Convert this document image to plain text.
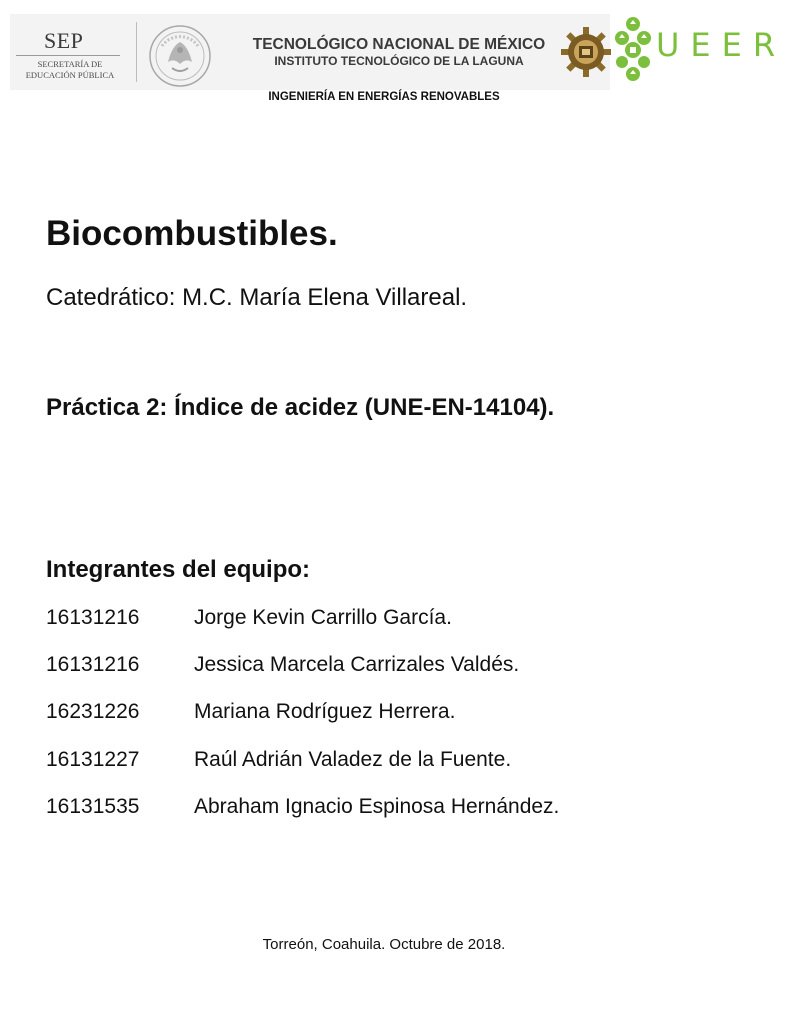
SEP
SECRETARÍA DE
EDUCACIÓN PÚBLICA
TECNOLÓGICO NACIONAL DE MÉXICO
INSTITUTO TECNOLÓGICO DE LA LAGUNA	UEER
INGENIERÍA EN ENERGÍAS RENOVABLES
Biocombustibles.
Catedrático: M.C. María Elena Villareal.
Práctica 2: Índice de acidez (UNE-EN-14104).
Integrantes del equipo:
16131216	Jorge Kevin Carrillo García.
16131216	Jessica Marcela Carrizales Valdés.
16231226	Mariana Rodríguez Herrera.
16131227	Raúl Adrián Valadez de la Fuente.
16131535	Abraham Ignacio Espinosa Hernández.
Torreón, Coahuila. Octubre de 2018.
